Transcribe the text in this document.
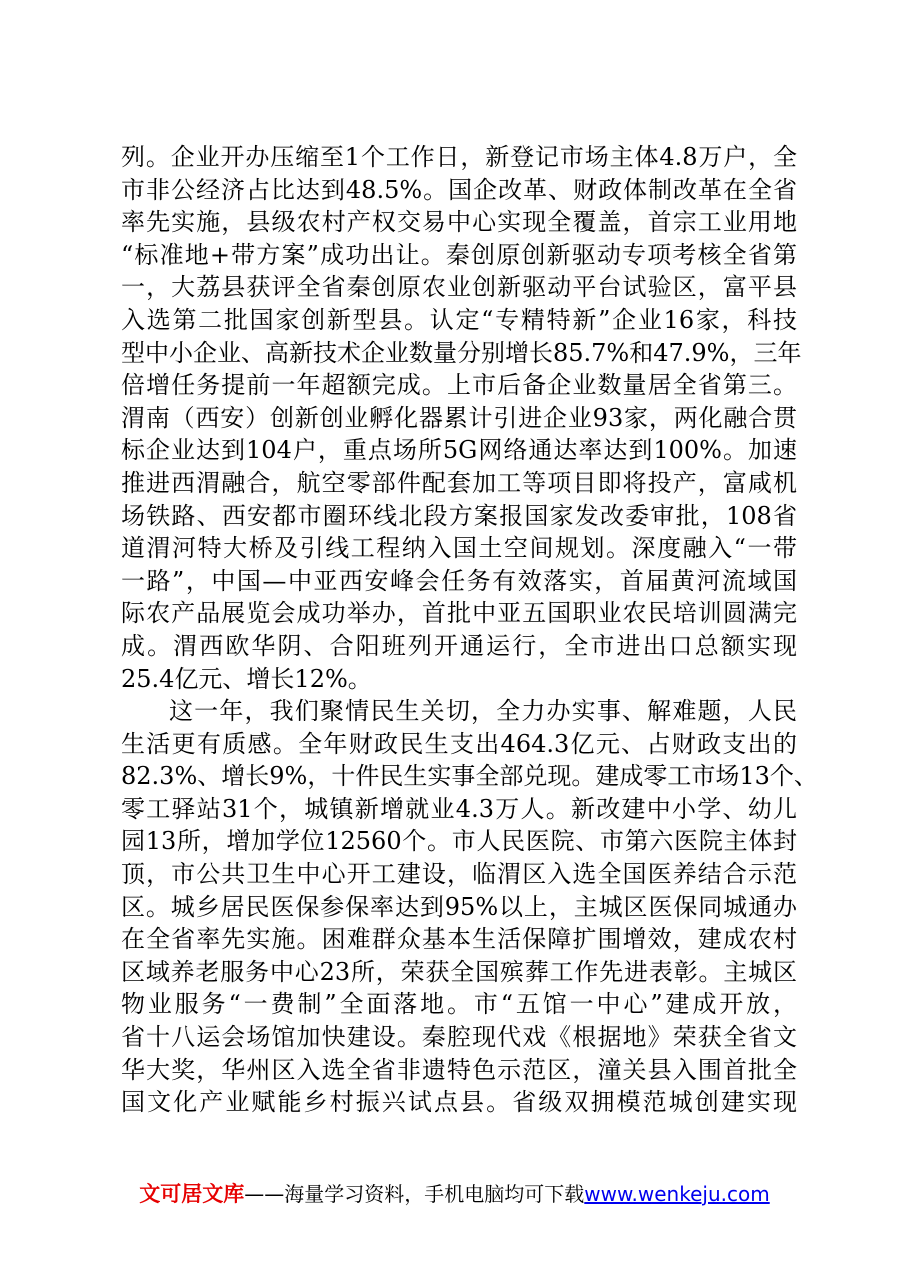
列。企业开办压缩至1个工作日，新登记市场主体4.8万户，全
市非公经济占比达到48.5%。国企改革、财政体制改革在全省
率先实施，县级农村产权交易中心实现全覆盖，首宗工业用地
“标准地+带方案”成功出让。秦创原创新驱动专项考核全省第
一，大荔县获评全省秦创原农业创新驱动平台试验区，富平县
入选第二批国家创新型县。认定“专精特新”企业16家，科技
型中小企业、高新技术企业数量分别增长85.7%和47.9%，三年
倍增任务提前一年超额完成。上市后备企业数量居全省第三。
渭南（西安）创新创业孵化器累计引进企业93家，两化融合贯
标企业达到104户，重点场所5G网络通达率达到100%。加速
推进西渭融合，航空零部件配套加工等项目即将投产，富咸机
场铁路、西安都市圈环线北段方案报国家发改委审批，108省
道渭河特大桥及引线工程纳入国土空间规划。深度融入“一带
一路”，中国—中亚西安峰会任务有效落实，首届黄河流域国
际农产品展览会成功举办，首批中亚五国职业农民培训圆满完
成。渭西欧华阴、合阳班列开通运行，全市进出口总额实现
25.4亿元、增长12%。
这一年，我们聚情民生关切，全力办实事、解难题，人民
生活更有质感。全年财政民生支出464.3亿元、占财政支出的
82.3%、增长9%，十件民生实事全部兑现。建成零工市场13个、
零工驿站31个，城镇新增就业4.3万人。新改建中小学、幼儿
园13所，增加学位12560个。市人民医院、市第六医院主体封
顶，市公共卫生中心开工建设，临渭区入选全国医养结合示范
区。城乡居民医保参保率达到95%以上，主城区医保同城通办
在全省率先实施。困难群众基本生活保障扩围增效，建成农村
区域养老服务中心23所，荣获全国殡葬工作先进表彰。主城区
物业服务“一费制”全面落地。市“五馆一中心”建成开放，
省十八运会场馆加快建设。秦腔现代戏《根据地》荣获全省文
华大奖，华州区入选全省非遗特色示范区，潼关县入围首批全
国文化产业赋能乡村振兴试点县。省级双拥模范城创建实现
文可居文库——海量学习资料，手机电脑均可下载www.wenkeju.com
